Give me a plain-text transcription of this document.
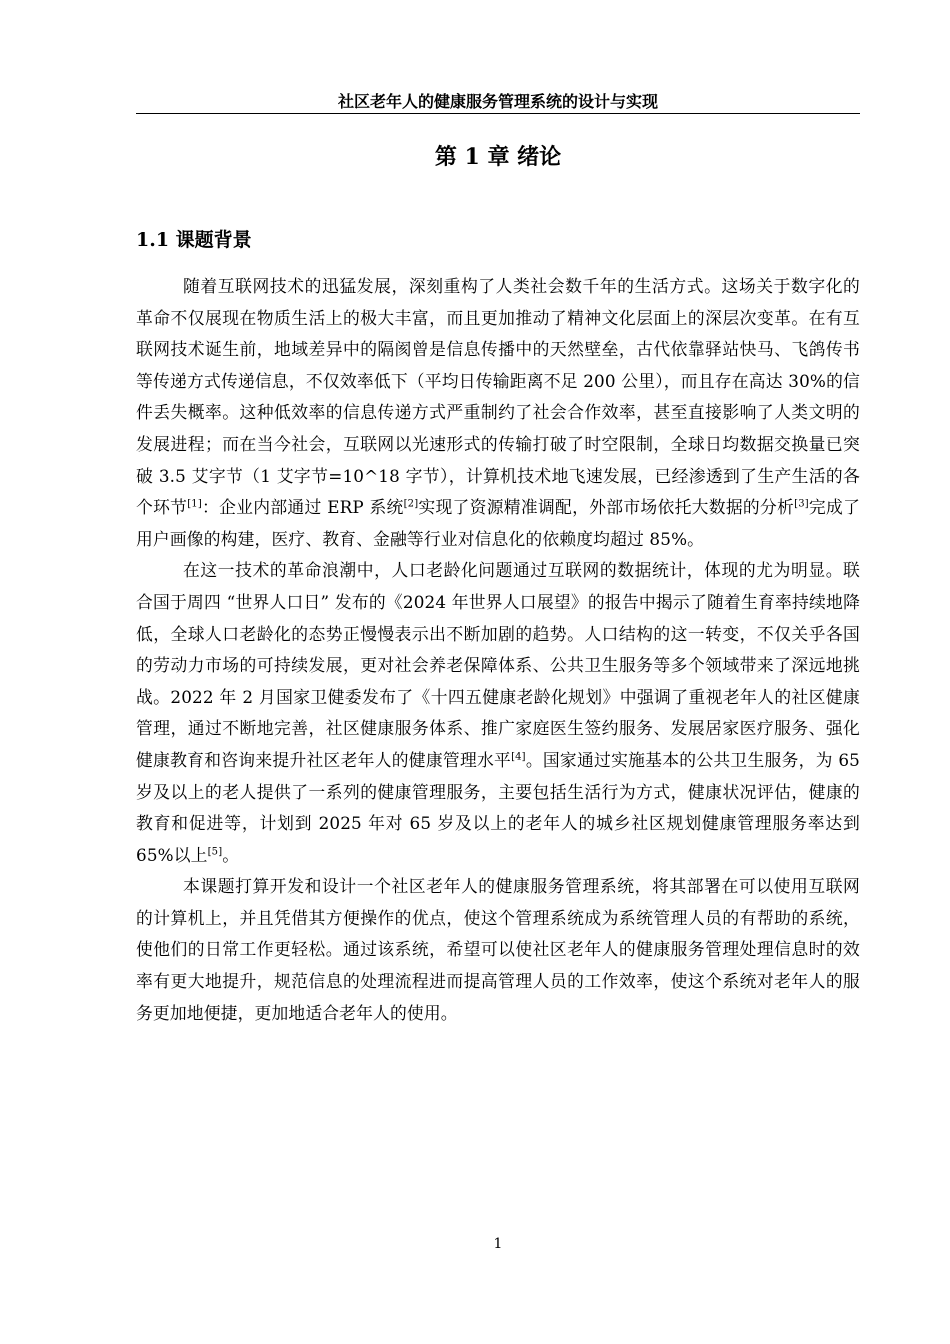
社区老年人的健康服务管理系统的设计与实现
第 1 章 绪论
1.1 课题背景

随着互联网技术的迅猛发展，深刻重构了人类社会数千年的生活方式。这场关于数字化的革命不仅展现在物质生活上的极大丰富，而且更加推动了精神文化层面上的深层次变革。在有互联网技术诞生前，地域差异中的隔阂曾是信息传播中的天然壁垒，古代依靠驿站快马、飞鸽传书等传递方式传递信息，不仅效率低下（平均日传输距离不足 200 公里），而且存在高达 30%的信件丢失概率。这种低效率的信息传递方式严重制约了社会合作效率，甚至直接影响了人类文明的发展进程；而在当今社会，互联网以光速形式的传输打破了时空限制，全球日均数据交换量已突破 3.5 艾字节（1 艾字节=10^18 字节），计算机技术地飞速发展，已经渗透到了生产生活的各个环节[1]：企业内部通过 ERP 系统[2]实现了资源精准调配，外部市场依托大数据的分析[3]完成了用户画像的构建，医疗、教育、金融等行业对信息化的依赖度均超过 85%。

在这一技术的革命浪潮中，人口老龄化问题通过互联网的数据统计，体现的尤为明显。联合国于周四 “世界人口日” 发布的《2024 年世界人口展望》的报告中揭示了随着生育率持续地降低，全球人口老龄化的态势正慢慢表示出不断加剧的趋势。人口结构的这一转变，不仅关乎各国的劳动力市场的可持续发展，更对社会养老保障体系、公共卫生服务等多个领域带来了深远地挑战。2022 年 2 月国家卫健委发布了《十四五健康老龄化规划》中强调了重视老年人的社区健康管理，通过不断地完善，社区健康服务体系、推广家庭医生签约服务、发展居家医疗服务、强化健康教育和咨询来提升社区老年人的健康管理水平[4]。国家通过实施基本的公共卫生服务，为 65 岁及以上的老人提供了一系列的健康管理服务，主要包括生活行为方式，健康状况评估，健康的教育和促进等，计划到 2025 年对 65 岁及以上的老年人的城乡社区规划健康管理服务率达到 65%以上[5]。

本课题打算开发和设计一个社区老年人的健康服务管理系统，将其部署在可以使用互联网的计算机上，并且凭借其方便操作的优点，使这个管理系统成为系统管理人员的有帮助的系统，使他们的日常工作更轻松。通过该系统，希望可以使社区老年人的健康服务管理处理信息时的效率有更大地提升，规范信息的处理流程进而提高管理人员的工作效率，使这个系统对老年人的服务更加地便捷，更加地适合老年人的使用。

1
